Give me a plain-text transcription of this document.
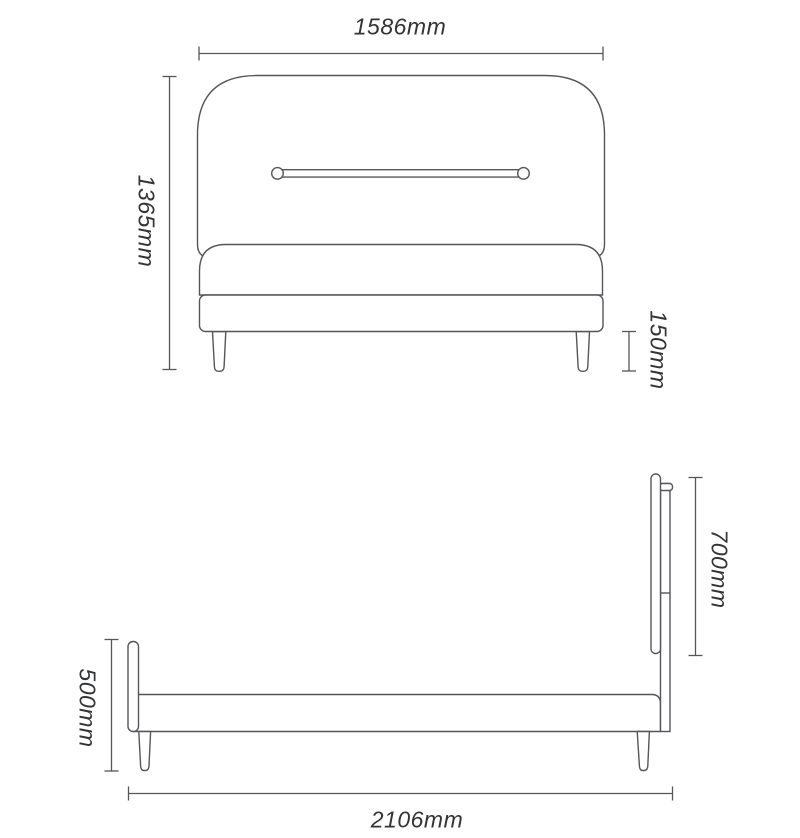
1586mm
1365mm
150mm
700mm
500mm
2106mm
